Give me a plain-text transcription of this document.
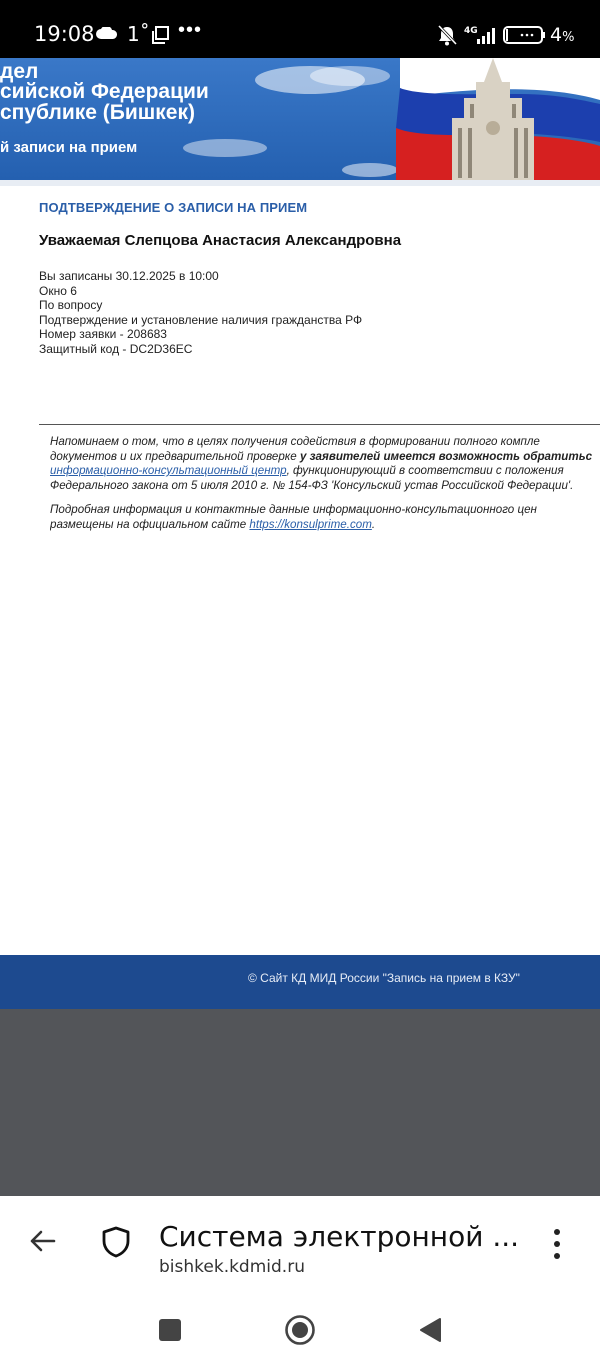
19:08 1˚ •••	4G	4%
дел
сийской Федерации
спублике (Бишкек)
й записи на прием
ПОДТВЕРЖДЕНИЕ О ЗАПИСИ НА ПРИЕМ
Уважаемая Слепцова Анастасия Александровна
Вы записаны 30.12.2025 в 10:00
Окно 6
По вопросу
Подтверждение и установление наличия гражданства РФ
Номер заявки - 208683
Защитный код - DC2D36EC
Напоминаем о том, что в целях получения содействия в формировании полного компле
документов и их предварительной проверке у заявителей имеется возможность обратитьс
информационно-консультационный центр, функционирующий в соответствии с положения
Федерального закона от 5 июля 2010 г. № 154-ФЗ 'Консульский устав Российской Федерации'.
Подробная информация и контактные данные информационно-консультационного цен
размещены на официальном сайте https://konsulprime.com.
© Сайт КД МИД России "Запись на прием в КЗУ"
Система электронной ...
bishkek.kdmid.ru
